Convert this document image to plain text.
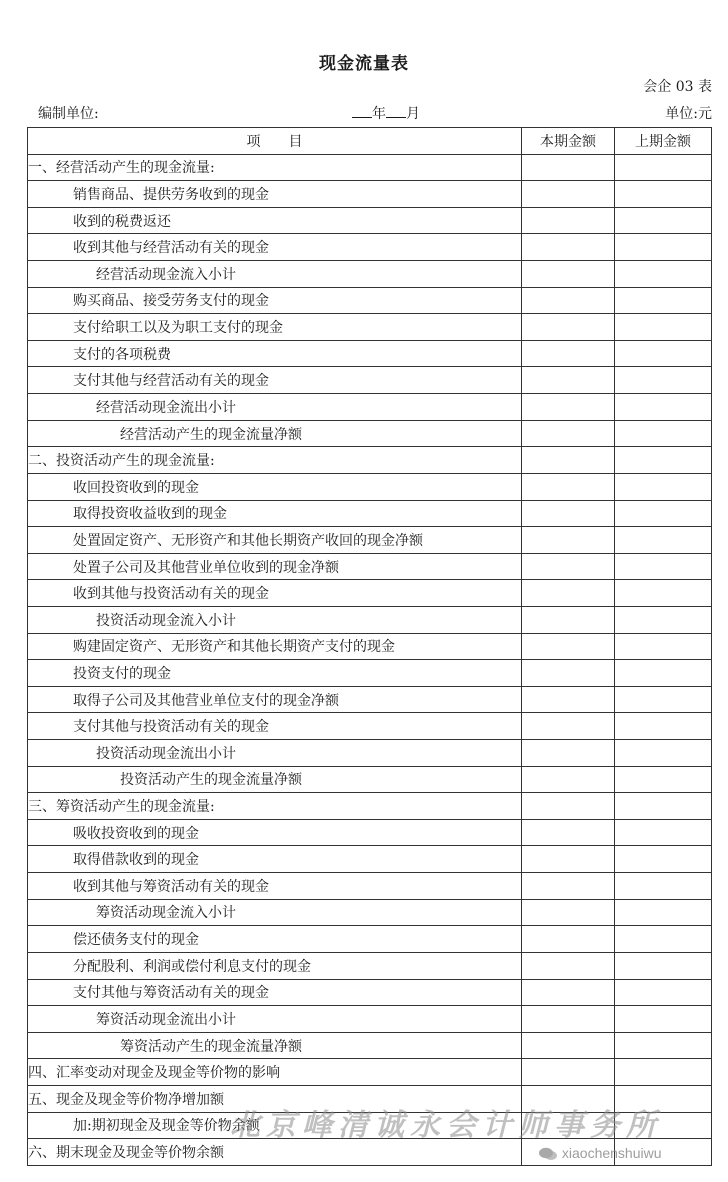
现金流量表
会企 03 表
编制单位:	年 月	单位:元
项　　目	本期金额	上期金额
一、经营活动产生的现金流量:		
销售商品、提供劳务收到的现金		
收到的税费返还		
收到其他与经营活动有关的现金		
经营活动现金流入小计		
购买商品、接受劳务支付的现金		
支付给职工以及为职工支付的现金		
支付的各项税费		
支付其他与经营活动有关的现金		
经营活动现金流出小计		
经营活动产生的现金流量净额		
二、投资活动产生的现金流量:		
收回投资收到的现金		
取得投资收益收到的现金		
处置固定资产、无形资产和其他长期资产收回的现金净额		
处置子公司及其他营业单位收到的现金净额		
收到其他与投资活动有关的现金		
投资活动现金流入小计		
购建固定资产、无形资产和其他长期资产支付的现金		
投资支付的现金		
取得子公司及其他营业单位支付的现金净额		
支付其他与投资活动有关的现金		
投资活动现金流出小计		
投资活动产生的现金流量净额		
三、筹资活动产生的现金流量:		
吸收投资收到的现金		
取得借款收到的现金		
收到其他与筹资活动有关的现金		
筹资活动现金流入小计		
偿还债务支付的现金		
分配股利、利润或偿付利息支付的现金		
支付其他与筹资活动有关的现金		
筹资活动现金流出小计		
筹资活动产生的现金流量净额		
四、汇率变动对现金及现金等价物的影响		
五、现金及现金等价物净增加额		
加:期初现金及现金等价物余额		
六、期末现金及现金等价物余额		
北京峰清诚永会计师事务所
xiaochenshuiwu
